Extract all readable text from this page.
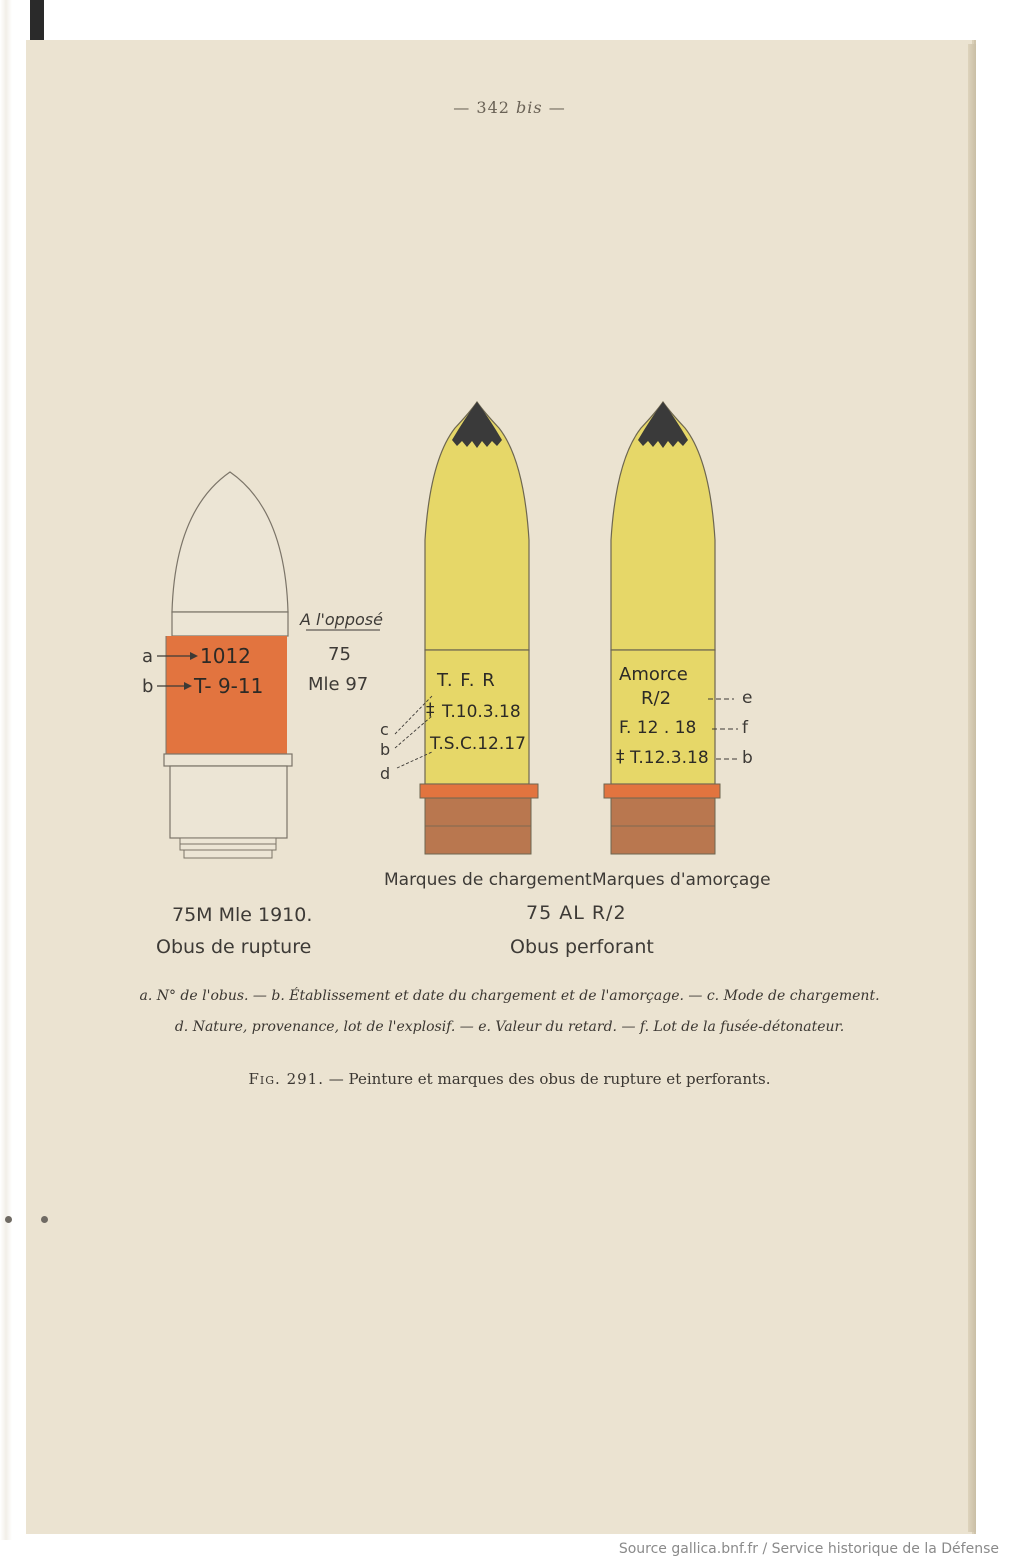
— 342 bis —
a
b
1012
T- 9-11
A l'opposé
75
Mle 97
75M Mle 1910.
Obus de rupture
T. F. R
‡ T.10.3.18
T.S.C.12.17
c
b
d
Marques de chargement
Amorce
R/2
F. 12 . 18
‡ T.12.3.18
e
f
b
Marques d'amorçage
75 AL R/2
Obus perforant
a. N° de l'obus. — b. Établissement et date du chargement et de l'amorçage. — c. Mode de chargement.
d. Nature, provenance, lot de l'explosif. — e. Valeur du retard. — f. Lot de la fusée-détonateur.
Fig. 291. — Peinture et marques des obus de rupture et perforants.
Source gallica.bnf.fr / Service historique de la Défense
